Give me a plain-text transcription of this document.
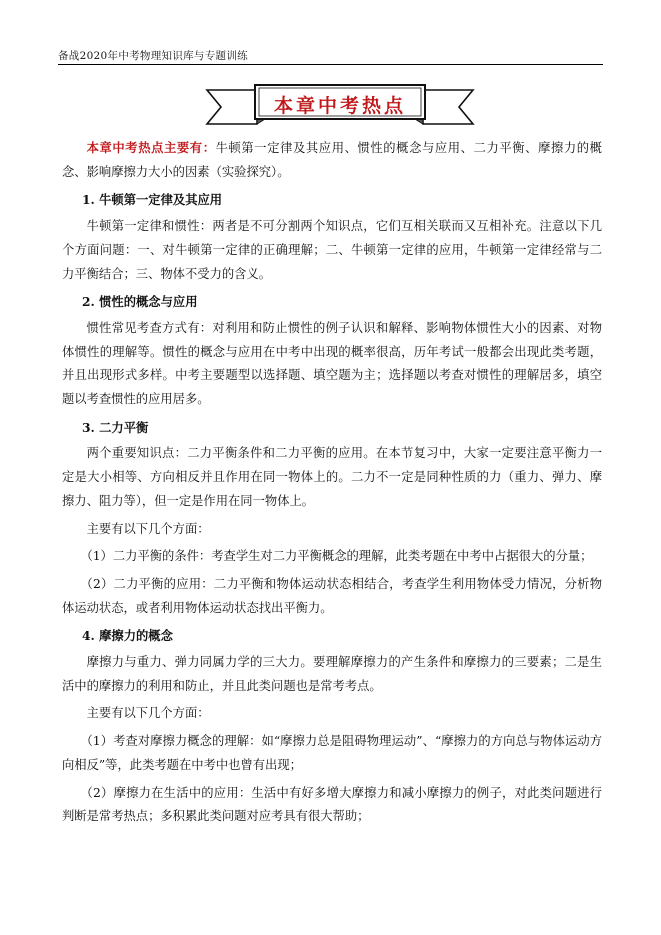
备战2020年中考物理知识库与专题训练
本章中考热点

本章中考热点主要有：牛顿第一定律及其应用、惯性的概念与应用、二力平衡、摩擦力的概念、影响摩擦力大小的因素（实验探究）。

1. 牛顿第一定律及其应用

牛顿第一定律和惯性：两者是不可分割两个知识点，它们互相关联而又互相补充。注意以下几个方面问题：一、对牛顿第一定律的正确理解；二、牛顿第一定律的应用，牛顿第一定律经常与二力平衡结合；三、物体不受力的含义。

2. 惯性的概念与应用

惯性常见考查方式有：对利用和防止惯性的例子认识和解释、影响物体惯性大小的因素、对物体惯性的理解等。惯性的概念与应用在中考中出现的概率很高，历年考试一般都会出现此类考题，并且出现形式多样。中考主要题型以选择题、填空题为主；选择题以考查对惯性的理解居多，填空题以考查惯性的应用居多。

3. 二力平衡

两个重要知识点：二力平衡条件和二力平衡的应用。在本节复习中，大家一定要注意平衡力一定是大小相等、方向相反并且作用在同一物体上的。二力不一定是同种性质的力（重力、弹力、摩擦力、阻力等），但一定是作用在同一物体上。

主要有以下几个方面：

（1）二力平衡的条件：考查学生对二力平衡概念的理解，此类考题在中考中占据很大的分量；

（2）二力平衡的应用：二力平衡和物体运动状态相结合，考查学生利用物体受力情况，分析物体运动状态，或者利用物体运动状态找出平衡力。

4. 摩擦力的概念

摩擦力与重力、弹力同属力学的三大力。要理解摩擦力的产生条件和摩擦力的三要素；二是生活中的摩擦力的利用和防止，并且此类问题也是常考考点。

主要有以下几个方面：

（1）考查对摩擦力概念的理解：如“摩擦力总是阻碍物理运动”、“摩擦力的方向总与物体运动方向相反”等，此类考题在中考中也曾有出现；

（2）摩擦力在生活中的应用：生活中有好多增大摩擦力和减小摩擦力的例子，对此类问题进行判断是常考热点；多积累此类问题对应考具有很大帮助；
